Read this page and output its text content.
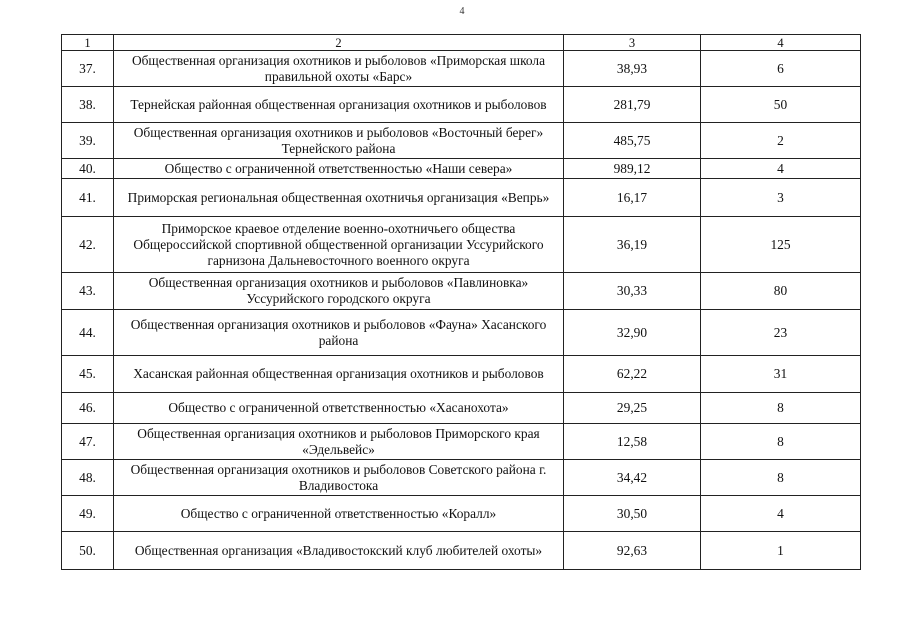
4
1	2	3	4
37.	Общественная организация охотников и рыболовов «Приморская школа правильной охоты «Барс»	38,93	6
38.	Тернейская районная общественная организация охотников и рыболовов	281,79	50
39.	Общественная организация охотников и рыболовов «Восточный берег» Тернейского района	485,75	2
40.	Общество с ограниченной ответственностью «Наши севера»	989,12	4
41.	Приморская региональная общественная охотничья организация «Вепрь»	16,17	3
42.	Приморское краевое отделение военно-охотничьего общества Общероссийской спортивной общественной организации Уссурийского гарнизона Дальневосточного военного округа	36,19	125
43.	Общественная организация охотников и рыболовов «Павлиновка» Уссурийского городского округа	30,33	80
44.	Общественная организация охотников и рыболовов «Фауна» Хасанского района	32,90	23
45.	Хасанская районная общественная организация охотников и рыболовов	62,22	31
46.	Общество с ограниченной ответственностью «Хасанохота»	29,25	8
47.	Общественная организация охотников и рыболовов Приморского края «Эдельвейс»	12,58	8
48.	Общественная организация охотников и рыболовов Советского района г. Владивостока	34,42	8
49.	Общество с ограниченной ответственностью «Коралл»	30,50	4
50.	Общественная организация «Владивостокский клуб любителей охоты»	92,63	1
